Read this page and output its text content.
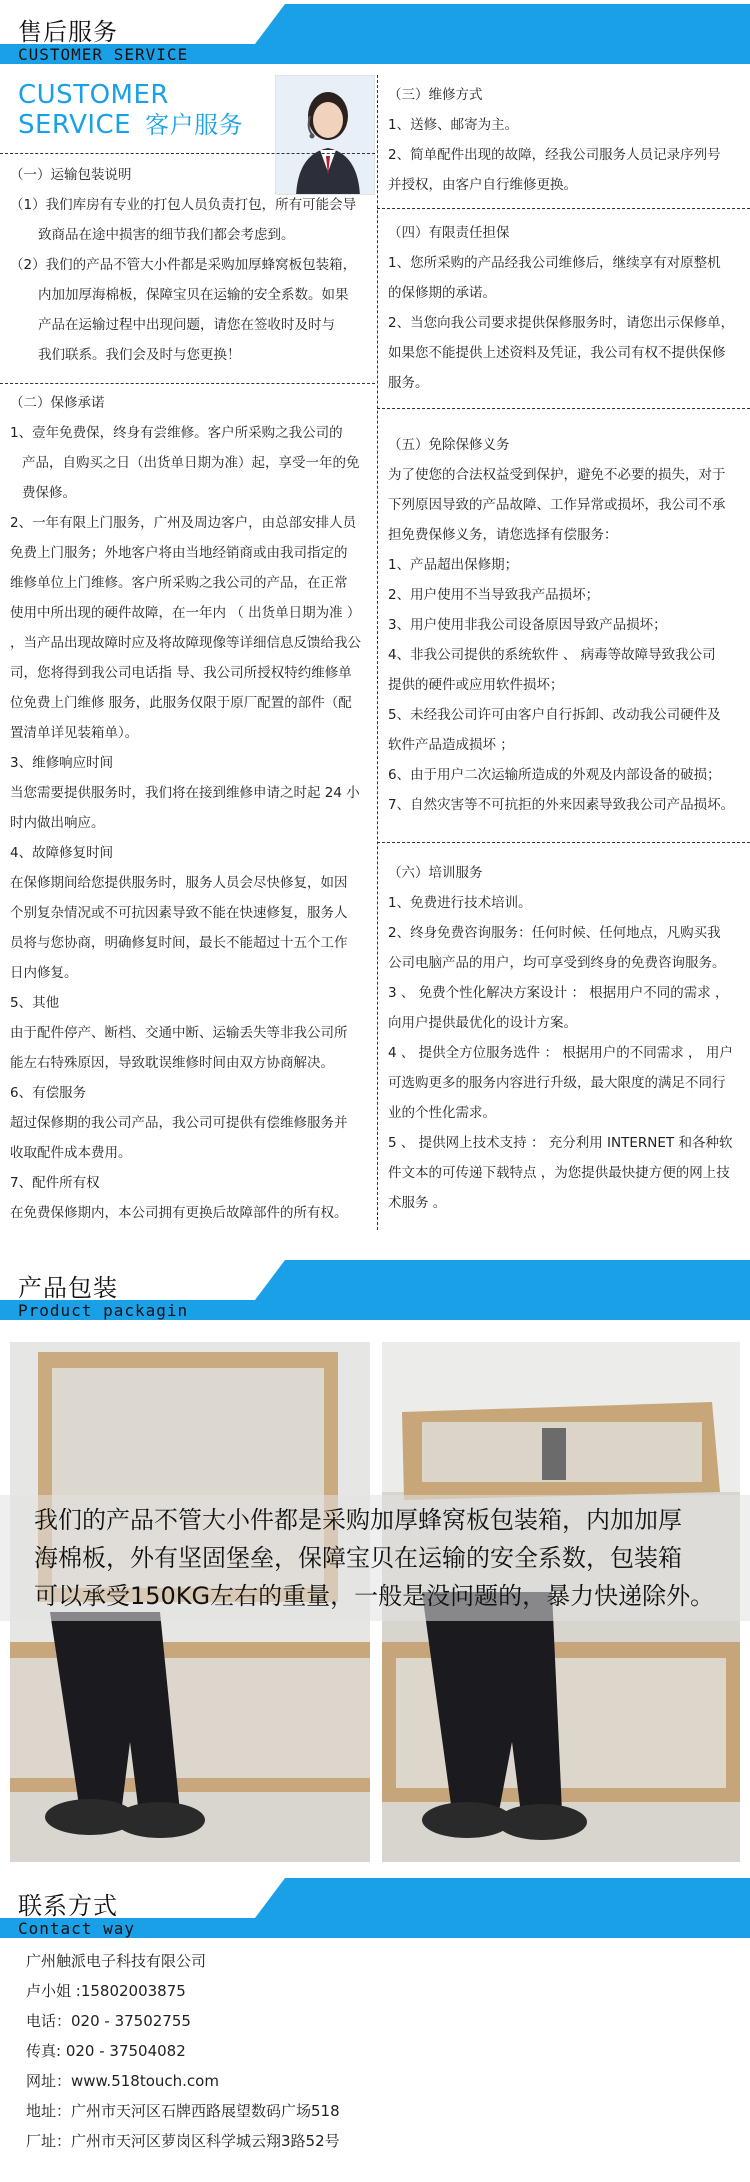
售后服务
CUSTOMER SERVICE
CUSTOMER
SERVICE 客户服务

（一）运输包装说明

（1）我们库房有专业的打包人员负责打包，所有可能会导

致商品在途中损害的细节我们都会考虑到。

（2）我们的产品不管大小件都是采购加厚蜂窝板包装箱，

内加加厚海棉板，保障宝贝在运输的安全系数。如果

产品在运输过程中出现问题，请您在签收时及时与

我们联系。我们会及时与您更换！

（二）保修承诺

1、壹年免费保，终身有尝维修。客户所采购之我公司的

产品，自购买之日（出货单日期为准）起，享受一年的免

费保修。

2、一年有限上门服务，广州及周边客户，由总部安排人员

免费上门服务；外地客户将由当地经销商或由我司指定的

维修单位上门维修。客户所采购之我公司的产品，在正常

使用中所出现的硬件故障，在一年内 （ 出货单日期为准 ）

，当产品出现故障时应及将故障现像等详细信息反馈给我公

司，您将得到我公司电话指 导、我公司所授权特约维修单

位免费上门维修 服务，此服务仅限于原厂配置的部件（配

置清单详见装箱单）。

3、维修响应时间

当您需要提供服务时，我们将在接到维修申请之时起 24 小

时内做出响应。

4、故障修复时间

在保修期间给您提供服务时，服务人员会尽快修复，如因

个别复杂情况或不可抗因素导致不能在快速修复，服务人

员将与您协商，明确修复时间，最长不能超过十五个工作

日内修复。

5、其他

由于配件停产、断档、交通中断、运输丢失等非我公司所

能左右特殊原因，导致耽误维修时间由双方协商解决。

6、有偿服务

超过保修期的我公司产品，我公司可提供有偿维修服务并

收取配件成本费用。

7、配件所有权

在免费保修期内，本公司拥有更换后故障部件的所有权。

（三）维修方式

1、送修、邮寄为主。

2、简单配件出现的故障，经我公司服务人员记录序列号

并授权，由客户自行维修更换。

（四）有限责任担保

1、您所采购的产品经我公司维修后，继续享有对原整机

的保修期的承诺。

2、当您向我公司要求提供保修服务时，请您出示保修单，

如果您不能提供上述资料及凭证，我公司有权不提供保修

服务。

（五）免除保修义务

为了使您的合法权益受到保护，避免不必要的损失，对于

下列原因导致的产品故障、工作异常或损坏，我公司不承

担免费保修义务，请您选择有偿服务：

1、产品超出保修期；

2、用户使用不当导致我产品损坏；

3、用户使用非我公司设备原因导致产品损坏；

4、非我公司提供的系统软件 、 病毒等故障导致我公司

提供的硬件或应用软件损坏；

5、未经我公司许可由客户自行拆卸、改动我公司硬件及

软件产品造成损坏 ；

6、由于用户二次运输所造成的外观及内部设备的破损；

7、自然灾害等不可抗拒的外来因素导致我公司产品损坏。

（六）培训服务

1、免费进行技术培训。

2、终身免费咨询服务：任何时候、任何地点，凡购买我

公司电脑产品的用户，均可享受到终身的免费咨询服务。

3 、 免费个性化解决方案设计 ： 根据用户不同的需求 ，

向用户提供最优化的设计方案。

4 、 提供全方位服务选件 ： 根据用户的不同需求 ， 用户

可选购更多的服务内容进行升级，最大限度的满足不同行

业的个性化需求。

5 、 提供网上技术支持 ： 充分利用 INTERNET 和各种软

件文本的可传递下载特点 ，为您提供最快捷方便的网上技

术服务 。

产品包装
Product packagin
我们的产品不管大小件都是采购加厚蜂窝板包装箱，内加加厚
海棉板，外有坚固堡垒，保障宝贝在运输的安全系数，包装箱
可以承受150KG左右的重量，一般是没问题的，暴力快递除外。
联系方式
Contact way
广州触派电子科技有限公司
卢小姐 :15802003875
电话：020 - 37502755
传真: 020 - 37504082
网址：www.518touch.com
地址：广州市天河区石牌西路展望数码广场518
厂址：广州市天河区萝岗区科学城云翔3路52号
